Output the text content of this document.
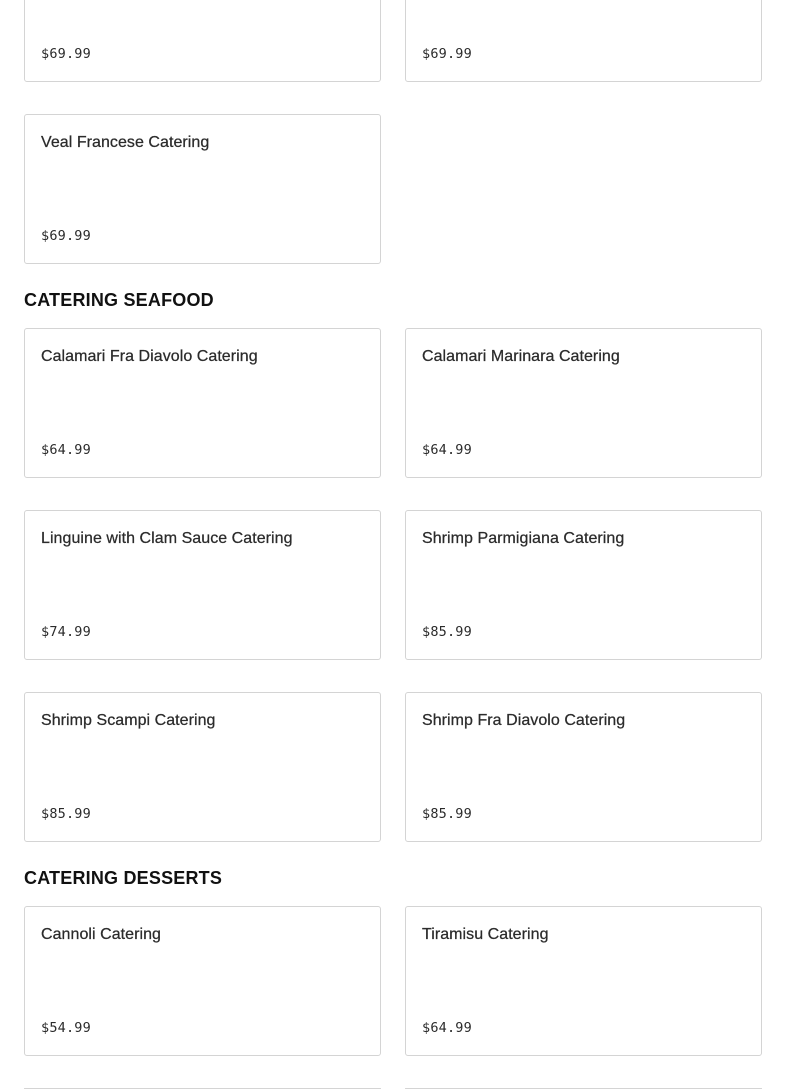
$69.99	$69.99
Veal Francese Catering
$69.99
CATERING SEAFOOD
Calamari Fra Diavolo Catering
$64.99
Calamari Marinara Catering
$64.99
Linguine with Clam Sauce Catering
$74.99
Shrimp Parmigiana Catering
$85.99
Shrimp Scampi Catering
$85.99
Shrimp Fra Diavolo Catering
$85.99
CATERING DESSERTS
Cannoli Catering
$54.99
Tiramisu Catering
$64.99
